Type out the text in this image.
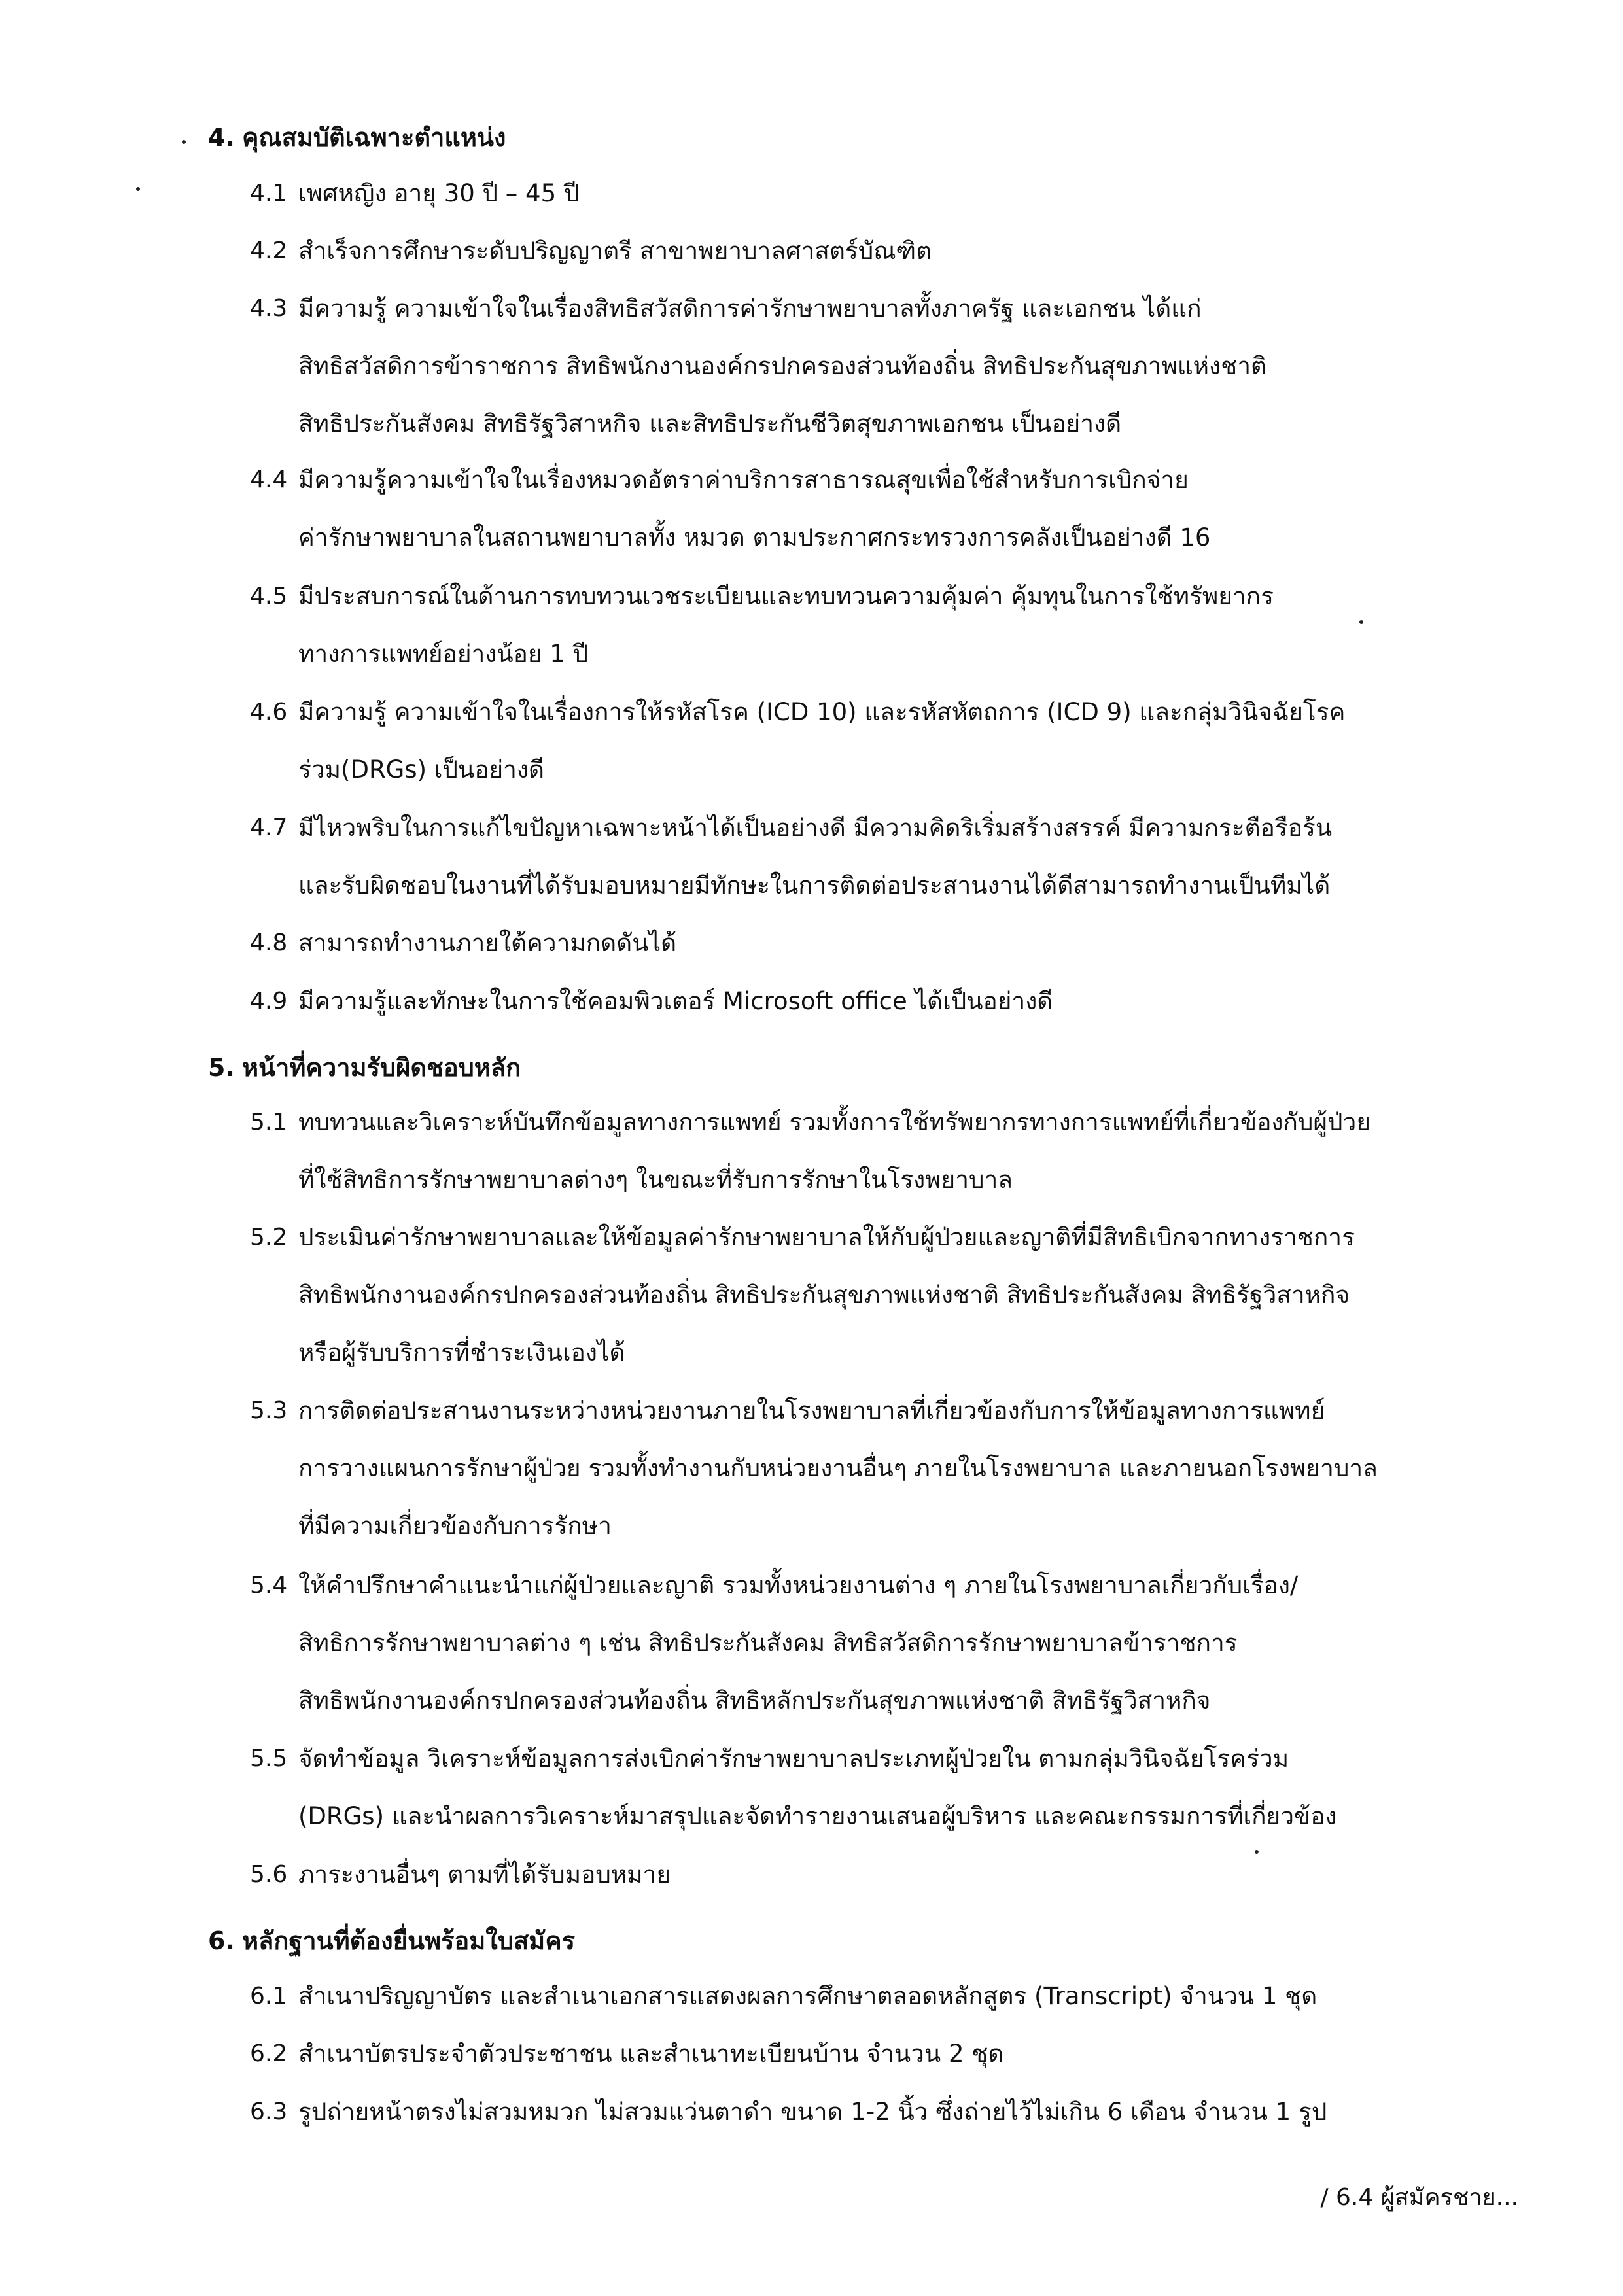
4. คุณสมบัติเฉพาะตำแหน่ง
4.1 เพศหญิง อายุ 30 ปี – 45 ปี
4.2 สำเร็จการศึกษาระดับปริญญาตรี สาขาพยาบาลศาสตร์บัณฑิต
4.3 มีความรู้ ความเข้าใจในเรื่องสิทธิสวัสดิการค่ารักษาพยาบาลทั้งภาครัฐ และเอกชน ได้แก่
สิทธิสวัสดิการข้าราชการ สิทธิพนักงานองค์กรปกครองส่วนท้องถิ่น สิทธิประกันสุขภาพแห่งชาติ
สิทธิประกันสังคม สิทธิรัฐวิสาหกิจ และสิทธิประกันชีวิตสุขภาพเอกชน เป็นอย่างดี
4.4 มีความรู้ความเข้าใจในเรื่องหมวดอัตราค่าบริการสาธารณสุขเพื่อใช้สำหรับการเบิกจ่าย
ค่ารักษาพยาบาลในสถานพยาบาลทั้ง หมวด ตามประกาศกระทรวงการคลังเป็นอย่างดี 16
4.5 มีประสบการณ์ในด้านการทบทวนเวชระเบียนและทบทวนความคุ้มค่า คุ้มทุนในการใช้ทรัพยากร
ทางการแพทย์อย่างน้อย 1 ปี
4.6 มีความรู้ ความเข้าใจในเรื่องการให้รหัสโรค (ICD 10) และรหัสหัตถการ (ICD 9) และกลุ่มวินิจฉัยโรค
ร่วม(DRGs) เป็นอย่างดี
4.7 มีไหวพริบในการแก้ไขปัญหาเฉพาะหน้าได้เป็นอย่างดี มีความคิดริเริ่มสร้างสรรค์ มีความกระตือรือร้น
และรับผิดชอบในงานที่ได้รับมอบหมายมีทักษะในการติดต่อประสานงานได้ดีสามารถทำงานเป็นทีมได้
4.8 สามารถทำงานภายใต้ความกดดันได้
4.9 มีความรู้และทักษะในการใช้คอมพิวเตอร์ Microsoft office ได้เป็นอย่างดี
5. หน้าที่ความรับผิดชอบหลัก
5.1 ทบทวนและวิเคราะห์บันทึกข้อมูลทางการแพทย์ รวมทั้งการใช้ทรัพยากรทางการแพทย์ที่เกี่ยวข้องกับผู้ป่วย
ที่ใช้สิทธิการรักษาพยาบาลต่างๆ ในขณะที่รับการรักษาในโรงพยาบาล
5.2 ประเมินค่ารักษาพยาบาลและให้ข้อมูลค่ารักษาพยาบาลให้กับผู้ป่วยและญาติที่มีสิทธิเบิกจากทางราชการ
สิทธิพนักงานองค์กรปกครองส่วนท้องถิ่น สิทธิประกันสุขภาพแห่งชาติ สิทธิประกันสังคม สิทธิรัฐวิสาหกิจ
หรือผู้รับบริการที่ชำระเงินเองได้
5.3 การติดต่อประสานงานระหว่างหน่วยงานภายในโรงพยาบาลที่เกี่ยวข้องกับการให้ข้อมูลทางการแพทย์
การวางแผนการรักษาผู้ป่วย รวมทั้งทำงานกับหน่วยงานอื่นๆ ภายในโรงพยาบาล และภายนอกโรงพยาบาล
ที่มีความเกี่ยวข้องกับการรักษา
5.4 ให้คำปรึกษาคำแนะนำแก่ผู้ป่วยและญาติ รวมทั้งหน่วยงานต่าง ๆ ภายในโรงพยาบาลเกี่ยวกับเรื่อง/
สิทธิการรักษาพยาบาลต่าง ๆ เช่น สิทธิประกันสังคม สิทธิสวัสดิการรักษาพยาบาลข้าราชการ
สิทธิพนักงานองค์กรปกครองส่วนท้องถิ่น สิทธิหลักประกันสุขภาพแห่งชาติ สิทธิรัฐวิสาหกิจ
5.5 จัดทำข้อมูล วิเคราะห์ข้อมูลการส่งเบิกค่ารักษาพยาบาลประเภทผู้ป่วยใน ตามกลุ่มวินิจฉัยโรคร่วม
(DRGs) และนำผลการวิเคราะห์มาสรุปและจัดทำรายงานเสนอผู้บริหาร และคณะกรรมการที่เกี่ยวข้อง
5.6 ภาระงานอื่นๆ ตามที่ได้รับมอบหมาย
6. หลักฐานที่ต้องยื่นพร้อมใบสมัคร
6.1 สำเนาปริญญาบัตร และสำเนาเอกสารแสดงผลการศึกษาตลอดหลักสูตร (Transcript) จำนวน 1 ชุด
6.2 สำเนาบัตรประจำตัวประชาชน และสำเนาทะเบียนบ้าน จำนวน 2 ชุด
6.3 รูปถ่ายหน้าตรงไม่สวมหมวก ไม่สวมแว่นตาดำ ขนาด 1-2 นิ้ว ซึ่งถ่ายไว้ไม่เกิน 6 เดือน จำนวน 1 รูป
/ 6.4 ผู้สมัครชาย...
